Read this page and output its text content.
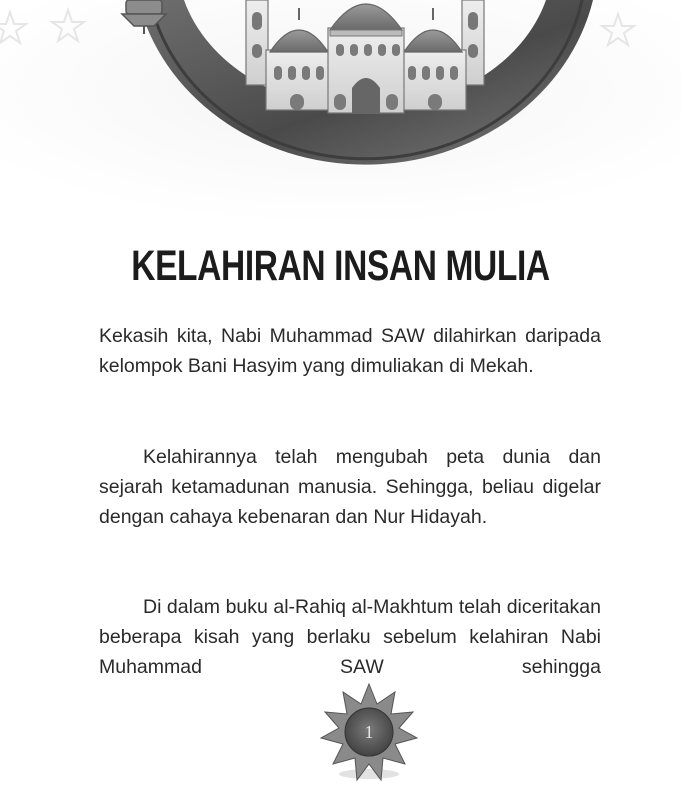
KELAHIRAN INSAN MULIA

Kekasih kita, Nabi Muhammad SAW dilahirkan daripada kelompok Bani Hasyim yang dimuliakan di Mekah.

Kelahirannya telah mengubah peta dunia dan sejarah ketamadunan manusia. Sehingga, beliau digelar dengan cahaya kebenaran dan Nur Hidayah.

Di dalam buku al-Rahiq al-Makhtum telah diceritakan beberapa kisah yang berlaku sebelum kelahiran Nabi Muhammad SAW sehingga

1
